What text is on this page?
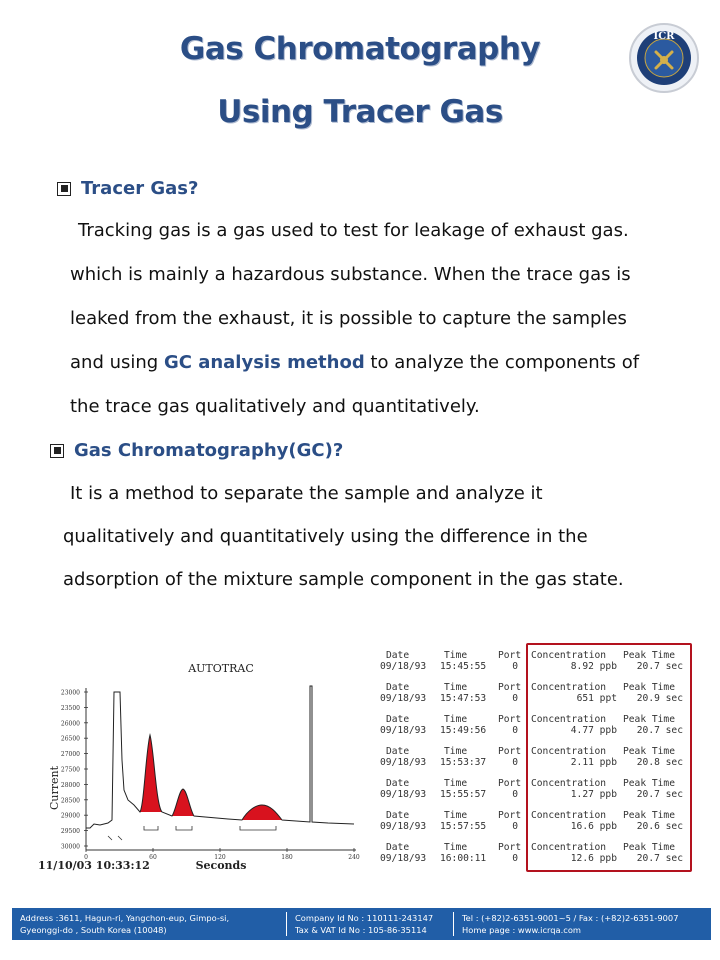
Gas Chromatography
Using Tracer Gas
ICR
Tracer Gas?
Tracking gas is a gas used to test for leakage of exhaust gas.
which is mainly a hazardous substance. When the trace gas is
leaked from the exhaust, it is possible to capture the samples
and using GC analysis method to analyze the components of
the trace gas qualitatively and quantitatively.
Gas Chromatography(GC)?
It is a method to separate the sample and analyze it
qualitatively and quantitatively using the difference in the
adsorption of the mixture sample component in the gas state.
AUTOTRAC
Current
Seconds
11/10/03 10:33:12
23000
23500
26000
26500
27000
27500
28000
28500
29000
29500
30000
0	60	120	180	240
Date	Time	Port Concentration Peak Time
09/18/93 15:45:55	0	8.92 ppb 20.7 sec
Date	Time	Port Concentration Peak Time
09/18/93 15:47:53	0	651 ppt 20.9 sec
Date	Time	Port Concentration Peak Time
09/18/93 15:49:56	0	4.77 ppb 20.7 sec
Date	Time	Port Concentration Peak Time
09/18/93 15:53:37	0	2.11 ppb 20.8 sec
Date	Time	Port Concentration Peak Time
09/18/93 15:55:57	0	1.27 ppb 20.7 sec
Date	Time	Port Concentration Peak Time
09/18/93 15:57:55	0	16.6 ppb 20.6 sec
Date	Time	Port Concentration Peak Time
09/18/93 16:00:11	0	12.6 ppb 20.7 sec
Address :3611, Hagun-ri, Yangchon-eup, Gimpo-si,
Gyeonggi-do , South Korea (10048)
Company Id No : 110111-243147
Tax & VAT Id No : 105-86-35114
Tel : (+82)2-6351-9001~5 / Fax : (+82)2-6351-9007
Home page : www.icrqa.com
